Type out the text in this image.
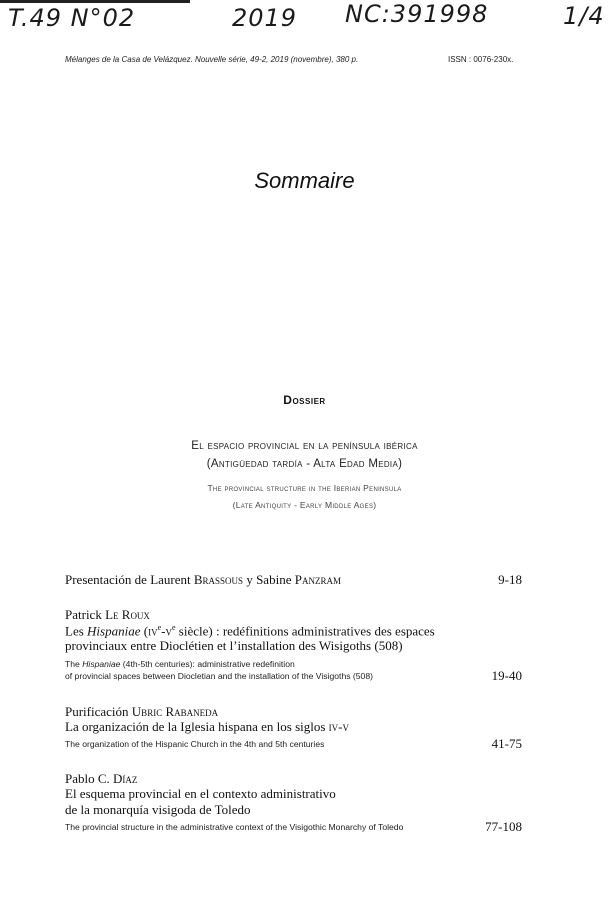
T.49 N°02	2019 NC:391998	1/4
Mélanges de la Casa de Velázquez. Nouvelle série, 49-2, 2019 (novembre), 380 p.	ISSN : 0076-230x.
Sommaire
Dossier
El espacio provincial en la península ibérica
(Antigüedad tardía - Alta Edad Media)
The provincial structure in the Iberian Peninsula
(Late Antiquity - Early Middle Ages)
Presentación de Laurent Brassous y Sabine Panzram	9-18
Patrick Le Roux
Les Hispaniae ($iv^e-v^e$ siècle) : redéfinitions administratives des espaces
provinciaux entre Dioclétien et l’installation des Wisigoths (508)
The Hispaniae (4th-5th centuries): administrative redefinition
of provincial spaces between Diocletian and the installation of the Visigoths (508)	19-40
Purificación Ubric Rabaneda
La organización de la Iglesia hispana en los siglos iv-v
The organization of the Hispanic Church in the 4th and 5th centuries	41-75
Pablo C. Díaz
El esquema provincial en el contexto administrativo
de la monarquía visigoda de Toledo
The provincial structure in the administrative context of the Visigothic Monarchy of Toledo	77-108
